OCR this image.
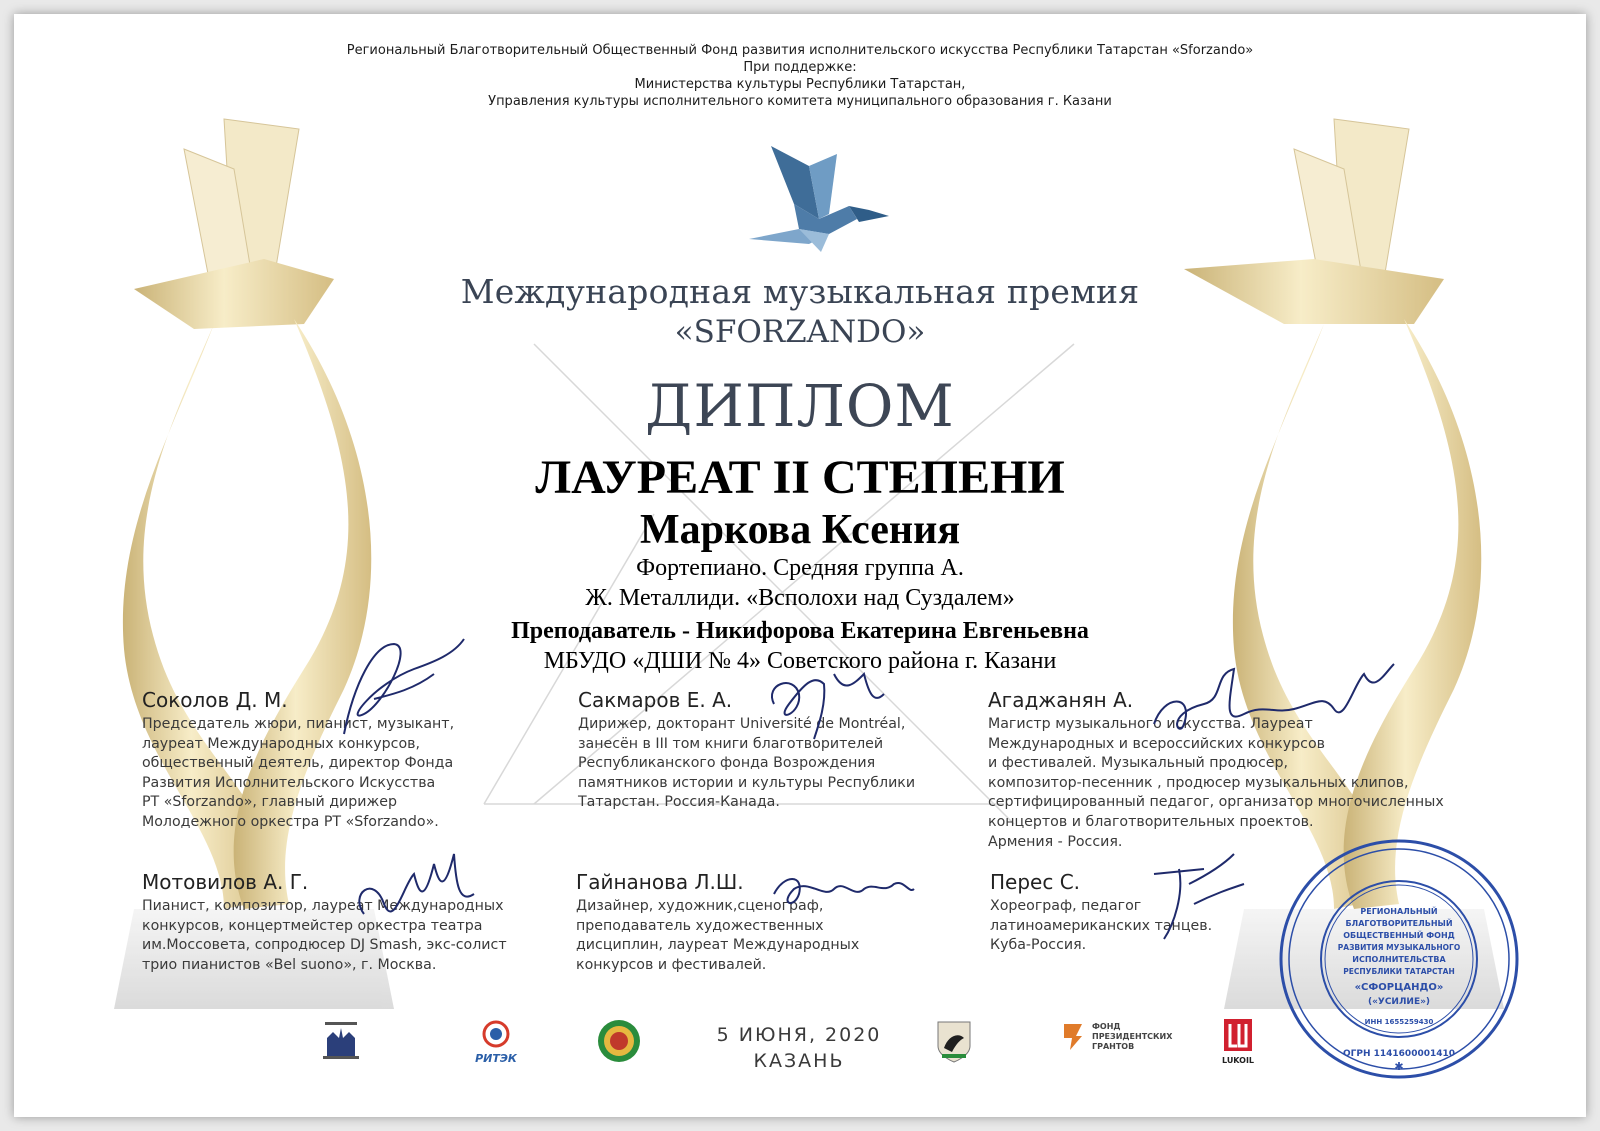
Региональный Благотворительный Общественный Фонд развития исполнительского искусства Республики Татарстан «Sforzando»
При поддержке:
Министерства культуры Республики Татарстан,
Управления культуры исполнительного комитета муниципального образования г. Казани
Международная музыкальная премия
«SFORZANDO»
ДИПЛОМ
ЛАУРЕАТ II СТЕПЕНИ
Маркова Ксения
Фортепиано. Средняя группа А.
Ж. Металлиди. «Всполохи над Суздалем»
Преподаватель - Никифорова Екатерина Евгеньевна
МБУДО «ДШИ № 4» Советского района г. Казани
Соколов Д. М.
Председатель жюри, пианист, музыкант,
лауреат Международных конкурсов,
общественный деятель, директор Фонда
Развития Исполнительского Искусства
РТ «Sforzando», главный дирижер
Молодежного оркестра РТ «Sforzando».
Сакмаров Е. А.
Дирижер, докторант Université de Montréal,
занесён в III том книги благотворителей
Республиканского фонда Возрождения
памятников истории и культуры Республики
Татарстан. Россия-Канада.
Агаджанян А.
Магистр музыкального искусства. Лауреат
Международных и всероссийских конкурсов
и фестивалей. Музыкальный продюсер,
композитор-песенник , продюсер музыкальных клипов,
сертифицированный педагог, организатор многочисленных
концертов и благотворительных проектов.
Армения - Россия.
Мотовилов А. Г.
Пианист, композитор, лауреат Международных
конкурсов, концертмейстер оркестра театра
им.Моссовета, сопродюсер DJ Smash, экс-солист
трио пианистов «Bel suono», г. Москва.
Гайнанова Л.Ш.
Дизайнер, художник,сценограф,
преподаватель художественных
дисциплин, лауреат Международных
конкурсов и фестивалей.
Перес С.
Хореограф, педагог
латиноамериканских танцев.
Куба-Россия.
РИТЭК
5 ИЮНЯ, 2020
КАЗАНЬ
ФОНД
ПРЕЗИДЕНТСКИХ
ГРАНТОВ
LUKOIL
РЕГИОНАЛЬНЫЙ
БЛАГОТВОРИТЕЛЬНЫЙ
ОБЩЕСТВЕННЫЙ ФОНД
РАЗВИТИЯ МУЗЫКАЛЬНОГО
ИСПОЛНИТЕЛЬСТВА
РЕСПУБЛИКИ ТАТАРСТАН
«СФОРЦАНДО»
(«УСИЛИЕ»)
ИНН 1655259430
ОГРН 1141600001410
✱
